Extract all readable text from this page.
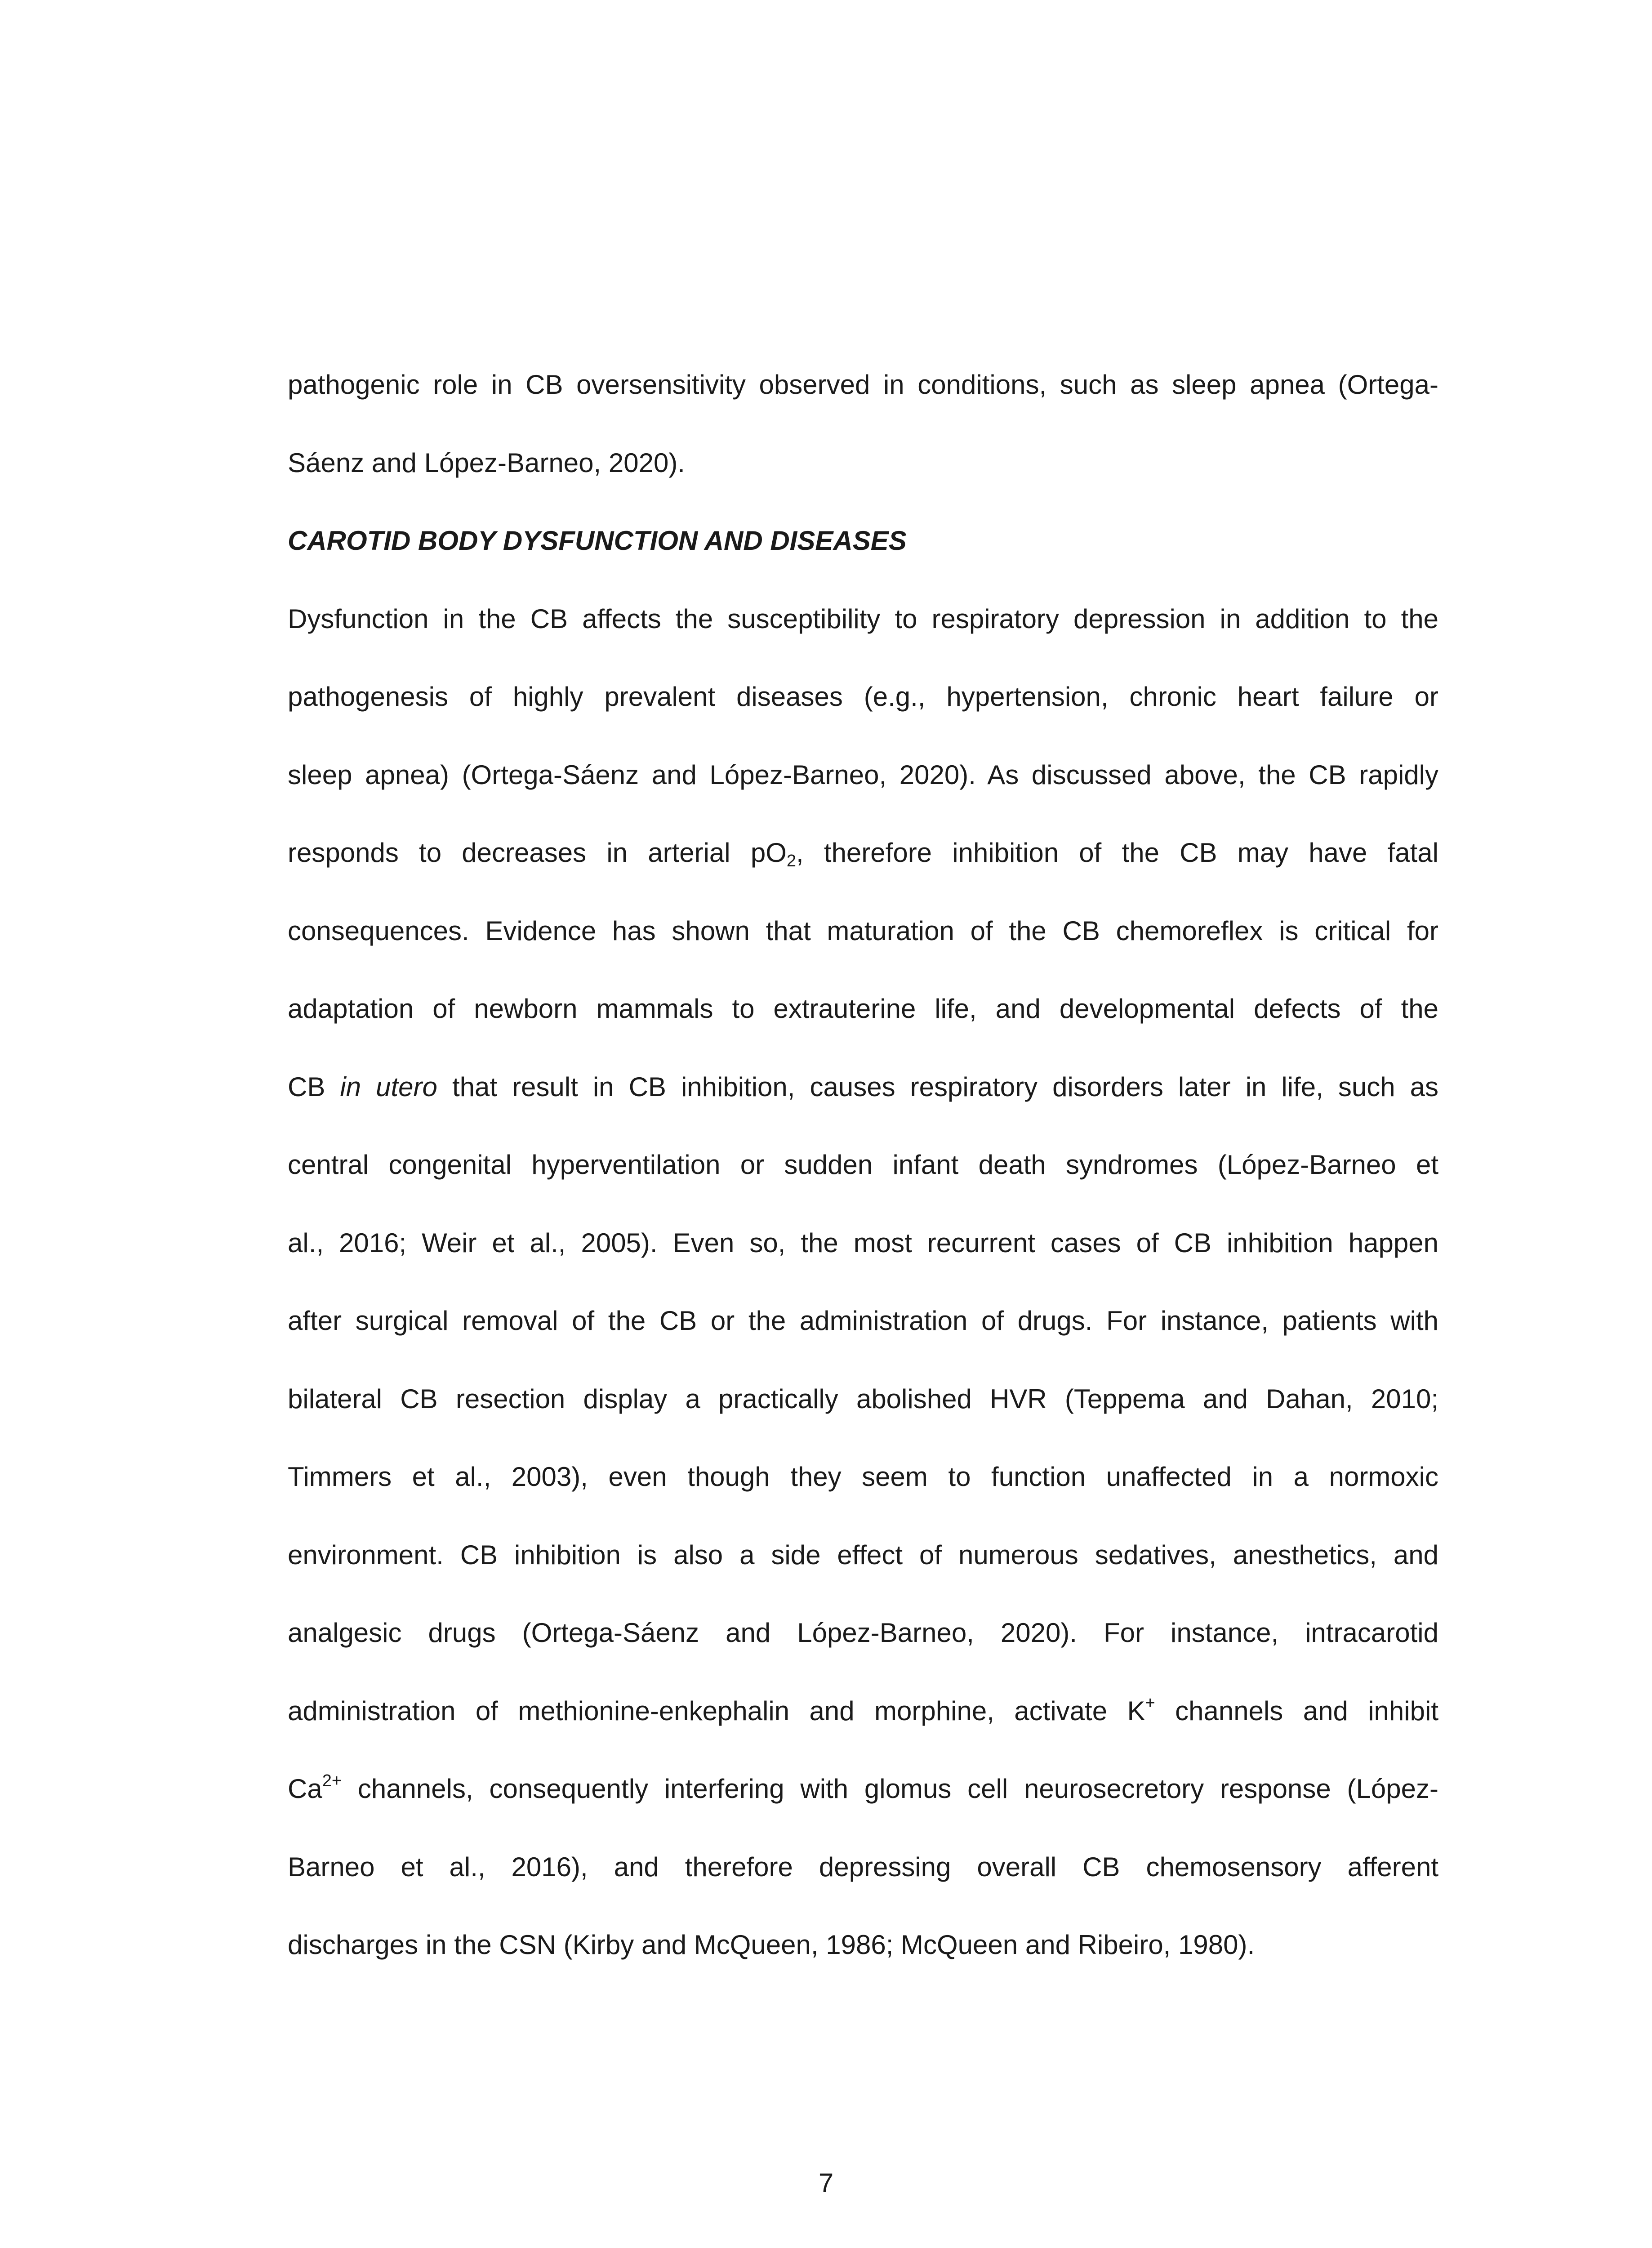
pathogenic role in CB oversensitivity observed in conditions, such as sleep apnea (Ortega-
Sáenz and López-Barneo, 2020).
CAROTID BODY DYSFUNCTION AND DISEASES
Dysfunction in the CB affects the susceptibility to respiratory depression in addition to the
pathogenesis of highly prevalent diseases (e.g., hypertension, chronic heart failure or
sleep apnea) (Ortega-Sáenz and López-Barneo, 2020). As discussed above, the CB rapidly
responds to decreases in arterial $pO_2$, therefore inhibition of the CB may have fatal
consequences. Evidence has shown that maturation of the CB chemoreflex is critical for
adaptation of newborn mammals to extrauterine life, and developmental defects of the
CB in utero that result in CB inhibition, causes respiratory disorders later in life, such as
central congenital hyperventilation or sudden infant death syndromes (López-Barneo et
al., 2016; Weir et al., 2005). Even so, the most recurrent cases of CB inhibition happen
after surgical removal of the CB or the administration of drugs. For instance, patients with
bilateral CB resection display a practically abolished HVR (Teppema and Dahan, 2010;
Timmers et al., 2003), even though they seem to function unaffected in a normoxic
environment. CB inhibition is also a side effect of numerous sedatives, anesthetics, and
analgesic drugs (Ortega-Sáenz and López-Barneo, 2020). For instance, intracarotid
administration of methionine-enkephalin and morphine, activate K+ channels and inhibit
$Ca^{2+}$ channels, consequently interfering with glomus cell neurosecretory response (López-
Barneo et al., 2016), and therefore depressing overall CB chemosensory afferent
discharges in the CSN (Kirby and McQueen, 1986; McQueen and Ribeiro, 1980).
7
